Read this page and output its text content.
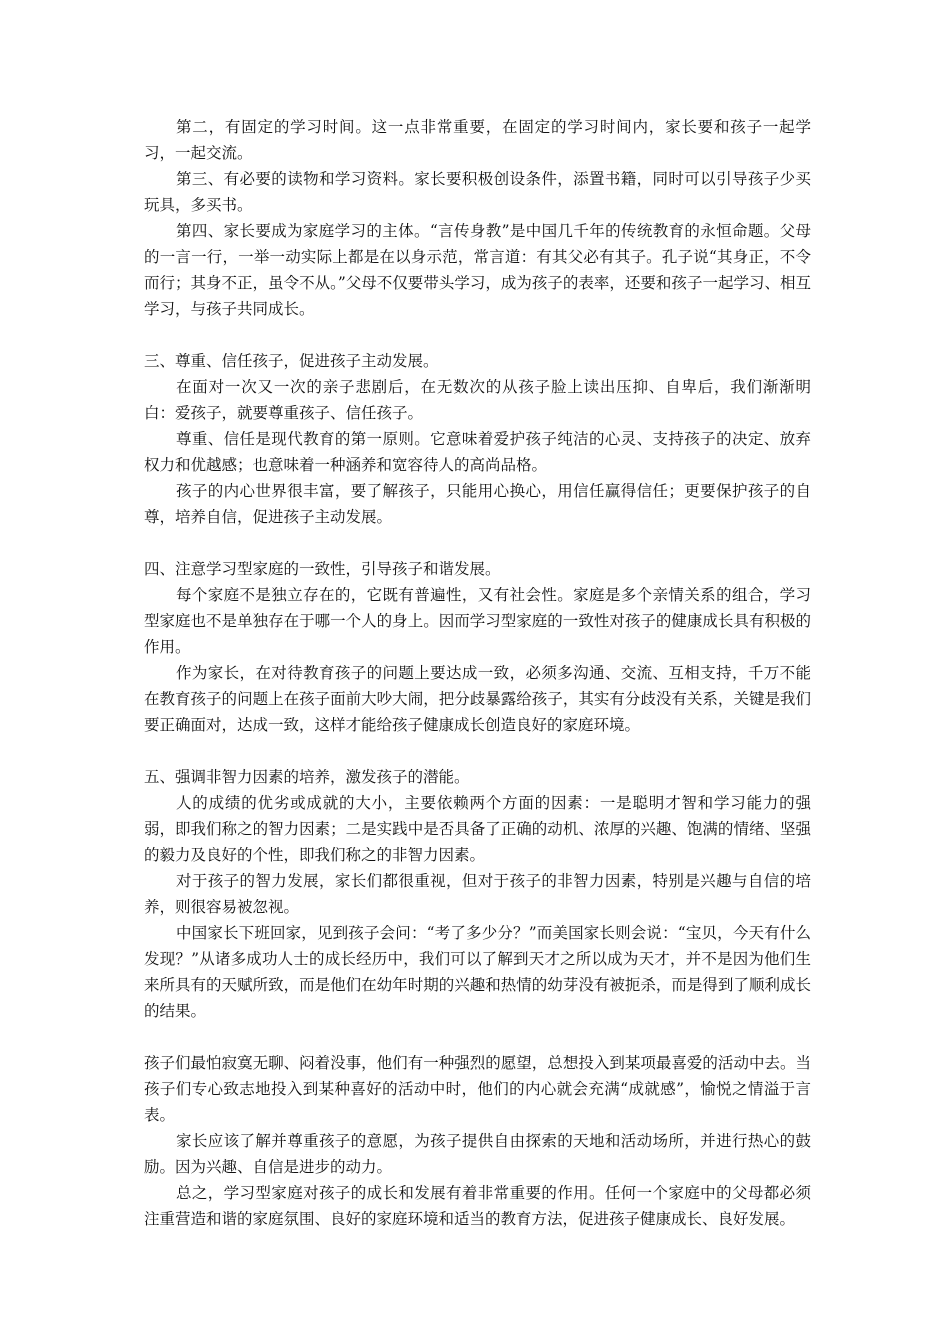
第二，有固定的学习时间。这一点非常重要，在固定的学习时间内，家长要和孩子一起学习，一起交流。

第三、有必要的读物和学习资料。家长要积极创设条件，添置书籍，同时可以引导孩子少买玩具，多买书。

第四、家长要成为家庭学习的主体。“言传身教”是中国几千年的传统教育的永恒命题。父母的一言一行，一举一动实际上都是在以身示范，常言道：有其父必有其子。孔子说“其身正，不令而行；其身不正，虽令不从。”父母不仅要带头学习，成为孩子的表率，还要和孩子一起学习、相互学习，与孩子共同成长。

三、尊重、信任孩子，促进孩子主动发展。

在面对一次又一次的亲子悲剧后，在无数次的从孩子脸上读出压抑、自卑后，我们渐渐明白：爱孩子，就要尊重孩子、信任孩子。

尊重、信任是现代教育的第一原则。它意味着爱护孩子纯洁的心灵、支持孩子的决定、放弃权力和优越感；也意味着一种涵养和宽容待人的高尚品格。

孩子的内心世界很丰富，要了解孩子，只能用心换心，用信任赢得信任；更要保护孩子的自尊，培养自信，促进孩子主动发展。

四、注意学习型家庭的一致性，引导孩子和谐发展。

每个家庭不是独立存在的，它既有普遍性，又有社会性。家庭是多个亲情关系的组合，学习型家庭也不是单独存在于哪一个人的身上。因而学习型家庭的一致性对孩子的健康成长具有积极的作用。

作为家长，在对待教育孩子的问题上要达成一致，必须多沟通、交流、互相支持，千万不能在教育孩子的问题上在孩子面前大吵大闹，把分歧暴露给孩子，其实有分歧没有关系，关键是我们要正确面对，达成一致，这样才能给孩子健康成长创造良好的家庭环境。

五、强调非智力因素的培养，激发孩子的潜能。

人的成绩的优劣或成就的大小，主要依赖两个方面的因素：一是聪明才智和学习能力的强弱，即我们称之的智力因素；二是实践中是否具备了正确的动机、浓厚的兴趣、饱满的情绪、坚强的毅力及良好的个性，即我们称之的非智力因素。

对于孩子的智力发展，家长们都很重视，但对于孩子的非智力因素，特别是兴趣与自信的培养，则很容易被忽视。

中国家长下班回家，见到孩子会问：“考了多少分？”而美国家长则会说：“宝贝，今天有什么发现？”从诸多成功人士的成长经历中，我们可以了解到天才之所以成为天才，并不是因为他们生来所具有的天赋所致，而是他们在幼年时期的兴趣和热情的幼芽没有被扼杀，而是得到了顺利成长的结果。

孩子们最怕寂寞无聊、闷着没事，他们有一种强烈的愿望，总想投入到某项最喜爱的活动中去。当孩子们专心致志地投入到某种喜好的活动中时，他们的内心就会充满“成就感”，愉悦之情溢于言表。

家长应该了解并尊重孩子的意愿，为孩子提供自由探索的天地和活动场所，并进行热心的鼓励。因为兴趣、自信是进步的动力。

总之，学习型家庭对孩子的成长和发展有着非常重要的作用。任何一个家庭中的父母都必须注重营造和谐的家庭氛围、良好的家庭环境和适当的教育方法，促进孩子健康成长、良好发展。
